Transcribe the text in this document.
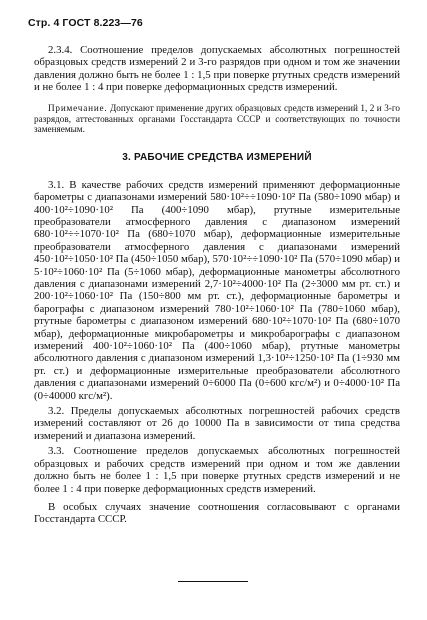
Стр. 4 ГОСТ 8.223—76

2.3.4. Соотношение пределов допускаемых абсолютных погрешностей образцовых средств измерений 2 и 3-го разрядов при одном и том же значении давления должно быть не более 1 : 1,5 при поверке ртутных средств измерений и не более 1 : 4 при поверке деформационных средств измерений.

Примечание. Допускают применение других образцовых средств измерений 1, 2 и 3-го разрядов, аттестованных органами Госстандарта СССР и соответствующих по точности заменяемым.

3. РАБОЧИЕ СРЕДСТВА ИЗМЕРЕНИЙ

3.1. В качестве рабочих средств измерений применяют деформационные барометры с диапазонами измерений 580·10²÷÷1090·10² Па (580÷1090 мбар) и 400·10²÷1090·10² Па (400÷1090 мбар), ртутные измерительные преобразователи атмосферного давления с диапазоном измерений 680·10²÷÷1070·10² Па (680÷1070 мбар), деформационные измерительные преобразователи атмосферного давления с диапазонами измерений 450·10²÷1050·10² Па (450÷1050 мбар), 570·10²÷÷1090·10² Па (570÷1090 мбар) и 5·10²÷1060·10² Па (5÷1060 мбар), деформационные манометры абсолютного давления с диапазонами измерений 2,7·10²÷4000·10² Па (2÷3000 мм рт. ст.) и 200·10²÷1060·10² Па (150÷800 мм рт. ст.), деформационные барометры и барографы с диапазоном измерений 780·10²÷1060·10² Па (780÷1060 мбар), ртутные барометры с диапазоном измерений 680·10²÷1070·10² Па (680÷1070 мбар), деформационные микробарометры и микробарографы с диапазоном измерений 400·10²÷1060·10² Па (400÷1060 мбар), ртутные манометры абсолютного давления с диапазоном измерений 1,3·10²÷1250·10² Па (1÷930 мм рт. ст.) и деформационные измерительные преобразователи абсолютного давления с диапазонами измерений 0÷6000 Па (0÷600 кгс/м²) и 0÷4000·10² Па (0÷40000 кгс/м²).

3.2. Пределы допускаемых абсолютных погрешностей рабочих средств измерений составляют от 26 до 10000 Па в зависимости от типа средства измерений и диапазона измерений.

3.3. Соотношение пределов допускаемых абсолютных погрешностей образцовых и рабочих средств измерений при одном и том же давлении должно быть не более 1 : 1,5 при поверке ртутных средств измерений и не более 1 : 4 при поверке деформационных средств измерений.

В особых случаях значение соотношения согласовывают с органами Госстандарта СССР.
